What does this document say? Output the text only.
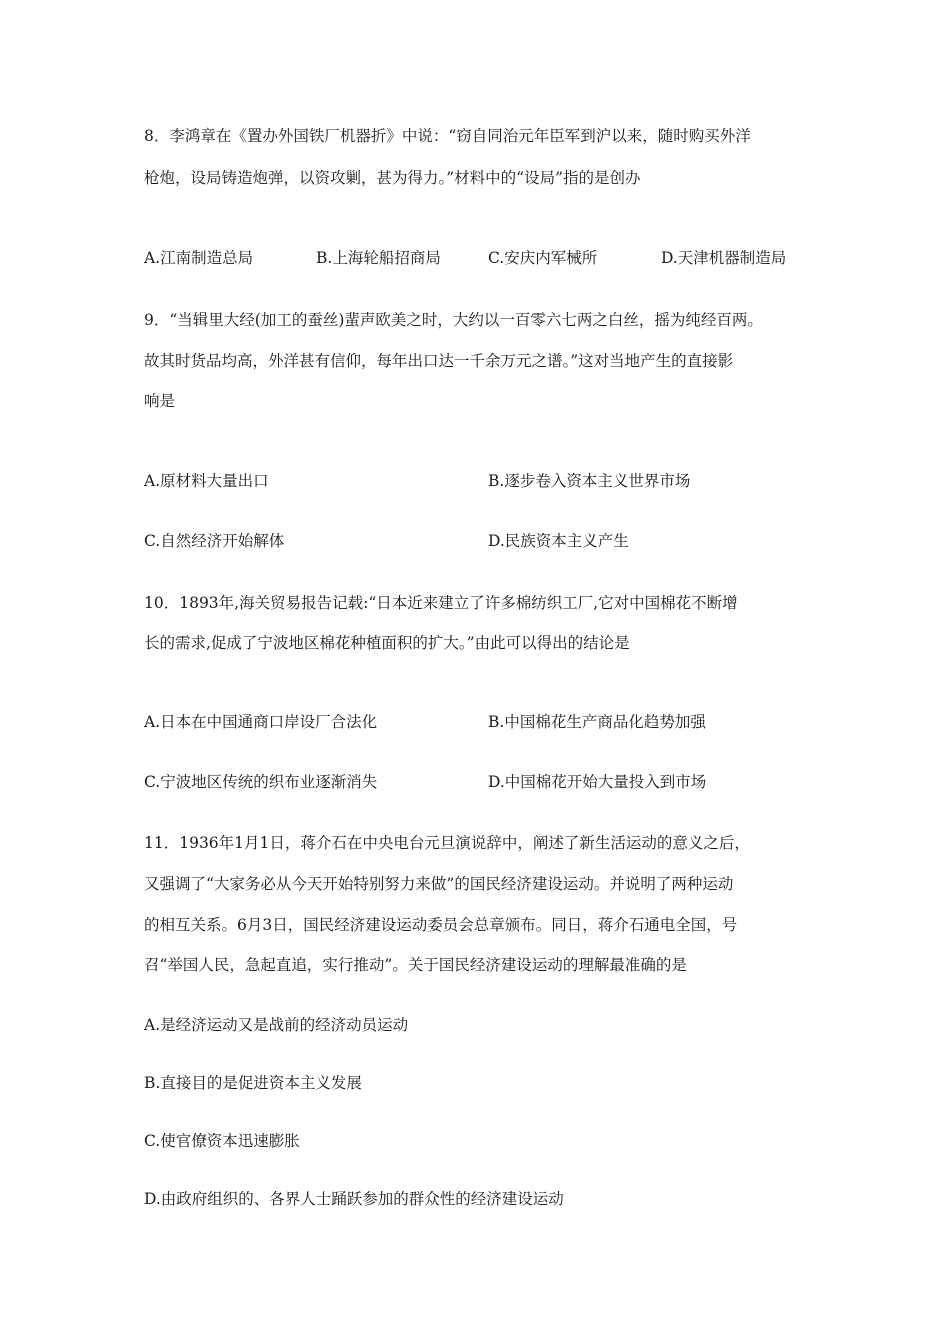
8．李鸿章在《置办外国铁厂机器折》中说：“窃自同治元年臣军到沪以来，随时购买外洋
枪炮，设局铸造炮弹，以资攻剿，甚为得力。”材料中的“设局”指的是创办
A.江南制造总局	B.上海轮船招商局	C.安庆内军械所	D.天津机器制造局
9．“当辑里大经(加工的蚕丝)蜚声欧美之时，大约以一百零六七两之白丝，摇为纯经百两。
故其时货品均高，外洋甚有信仰，每年出口达一千余万元之谱。”这对当地产生的直接影
响是
A.原材料大量出口	B.逐步卷入资本主义世界市场
C.自然经济开始解体	D.民族资本主义产生
10．1893年,海关贸易报告记载:“日本近来建立了许多棉纺织工厂,它对中国棉花不断增
长的需求,促成了宁波地区棉花种植面积的扩大。”由此可以得出的结论是
A.日本在中国通商口岸设厂合法化	B.中国棉花生产商品化趋势加强
C.宁波地区传统的织布业逐渐消失	D.中国棉花开始大量投入到市场
11．1936年1月1日，蒋介石在中央电台元旦演说辞中，阐述了新生活运动的意义之后，
又强调了“大家务必从今天开始特别努力来做”的国民经济建设运动。并说明了两种运动
的相互关系。6月3日，国民经济建设运动委员会总章颁布。同日，蒋介石通电全国，号
召“举国人民，急起直追，实行推动”。关于国民经济建设运动的理解最准确的是
A.是经济运动又是战前的经济动员运动
B.直接目的是促进资本主义发展
C.使官僚资本迅速膨胀
D.由政府组织的、各界人士踊跃参加的群众性的经济建设运动
